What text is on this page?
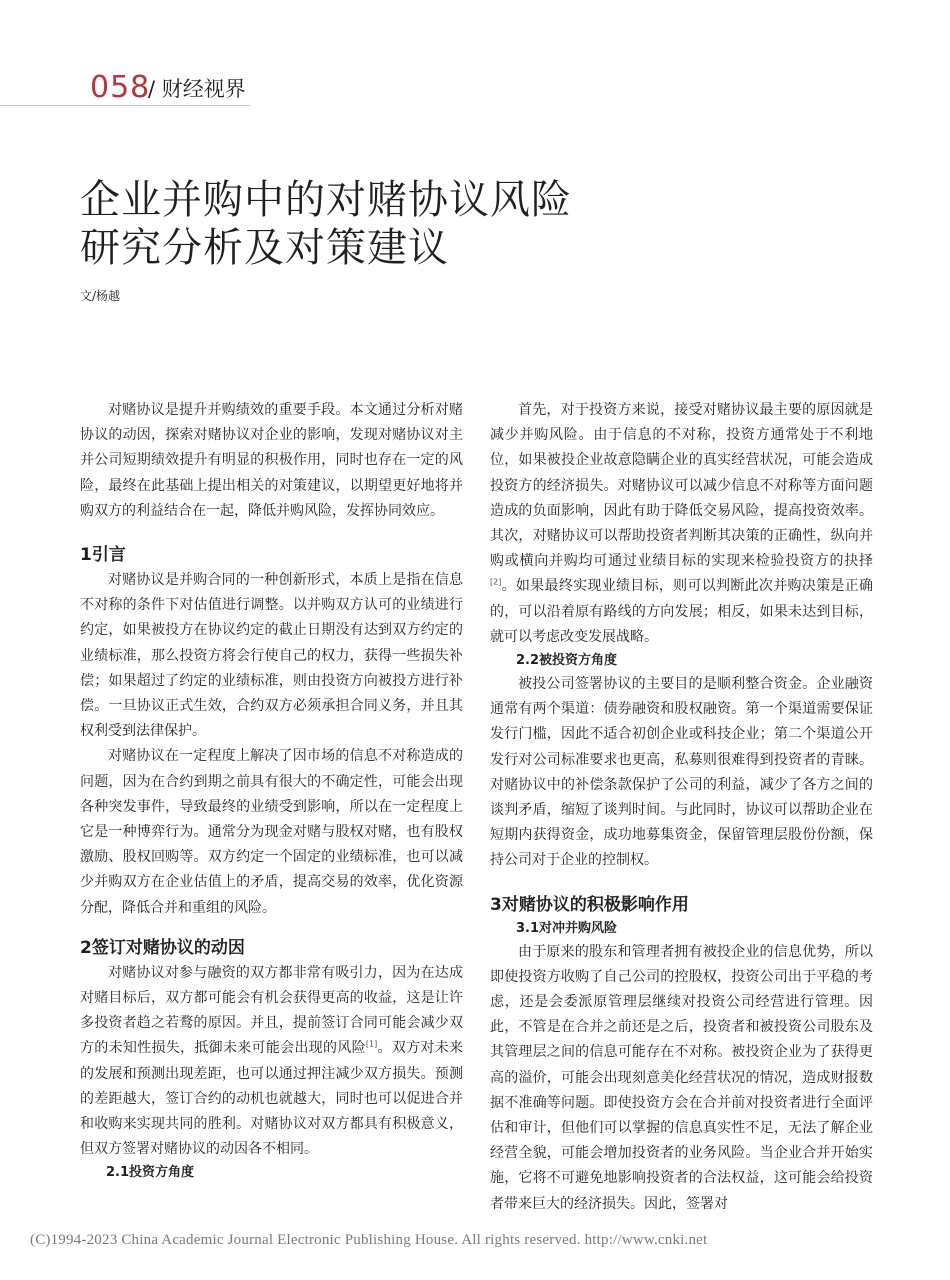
058
/ 财经视界
企业并购中的对赌协议风险
研究分析及对策建议
文/杨越

对赌协议是提升并购绩效的重要手段。本文通过分析对赌协议的动因，探索对赌协议对企业的影响，发现对赌协议对主并公司短期绩效提升有明显的积极作用，同时也存在一定的风险，最终在此基础上提出相关的对策建议，以期望更好地将并购双方的利益结合在一起，降低并购风险，发挥协同效应。

1引言

对赌协议是并购合同的一种创新形式，本质上是指在信息不对称的条件下对估值进行调整。以并购双方认可的业绩进行约定，如果被投方在协议约定的截止日期没有达到双方约定的业绩标准，那么投资方将会行使自己的权力，获得一些损失补偿；如果超过了约定的业绩标准，则由投资方向被投方进行补偿。一旦协议正式生效，合约双方必须承担合同义务，并且其权利受到法律保护。

对赌协议在一定程度上解决了因市场的信息不对称造成的问题，因为在合约到期之前具有很大的不确定性，可能会出现各种突发事件，导致最终的业绩受到影响，所以在一定程度上它是一种博弈行为。通常分为现金对赌与股权对赌，也有股权激励、股权回购等。双方约定一个固定的业绩标准，也可以减少并购双方在企业估值上的矛盾，提高交易的效率，优化资源分配，降低合并和重组的风险。

2签订对赌协议的动因

对赌协议对参与融资的双方都非常有吸引力，因为在达成对赌目标后，双方都可能会有机会获得更高的收益，这是让许多投资者趋之若鹜的原因。并且，提前签订合同可能会减少双方的未知性损失，抵御未来可能会出现的风险[1]。双方对未来的发展和预测出现差距，也可以通过押注减少双方损失。预测的差距越大，签订合约的动机也就越大，同时也可以促进合并和收购来实现共同的胜利。对赌协议对双方都具有积极意义，但双方签署对赌协议的动因各不相同。

2.1投资方角度

首先，对于投资方来说，接受对赌协议最主要的原因就是减少并购风险。由于信息的不对称，投资方通常处于不利地位，如果被投企业故意隐瞒企业的真实经营状况，可能会造成投资方的经济损失。对赌协议可以减少信息不对称等方面问题造成的负面影响，因此有助于降低交易风险，提高投资效率。其次，对赌协议可以帮助投资者判断其决策的正确性，纵向并购或横向并购均可通过业绩目标的实现来检验投资方的抉择[2]。如果最终实现业绩目标，则可以判断此次并购决策是正确的，可以沿着原有路线的方向发展；相反，如果未达到目标，就可以考虑改变发展战略。

2.2被投资方角度

被投公司签署协议的主要目的是顺利整合资金。企业融资通常有两个渠道：债券融资和股权融资。第一个渠道需要保证发行门槛，因此不适合初创企业或科技企业；第二个渠道公开发行对公司标准要求也更高，私募则很难得到投资者的青睐。对赌协议中的补偿条款保护了公司的利益，减少了各方之间的谈判矛盾，缩短了谈判时间。与此同时，协议可以帮助企业在短期内获得资金，成功地募集资金，保留管理层股份份额，保持公司对于企业的控制权。

3对赌协议的积极影响作用

3.1对冲并购风险

由于原来的股东和管理者拥有被投企业的信息优势，所以即使投资方收购了自己公司的控股权，投资公司出于平稳的考虑，还是会委派原管理层继续对投资公司经营进行管理。因此，不管是在合并之前还是之后，投资者和被投资公司股东及其管理层之间的信息可能存在不对称。被投资企业为了获得更高的溢价，可能会出现刻意美化经营状况的情况，造成财报数据不准确等问题。即使投资方会在合并前对投资者进行全面评估和审计，但他们可以掌握的信息真实性不足，无法了解企业经营全貌，可能会增加投资者的业务风险。当企业合并开始实施，它将不可避免地影响投资者的合法权益，这可能会给投资者带来巨大的经济损失。因此，签署对

(C)1994-2023 China Academic Journal Electronic Publishing House. All rights reserved. http://www.cnki.net
